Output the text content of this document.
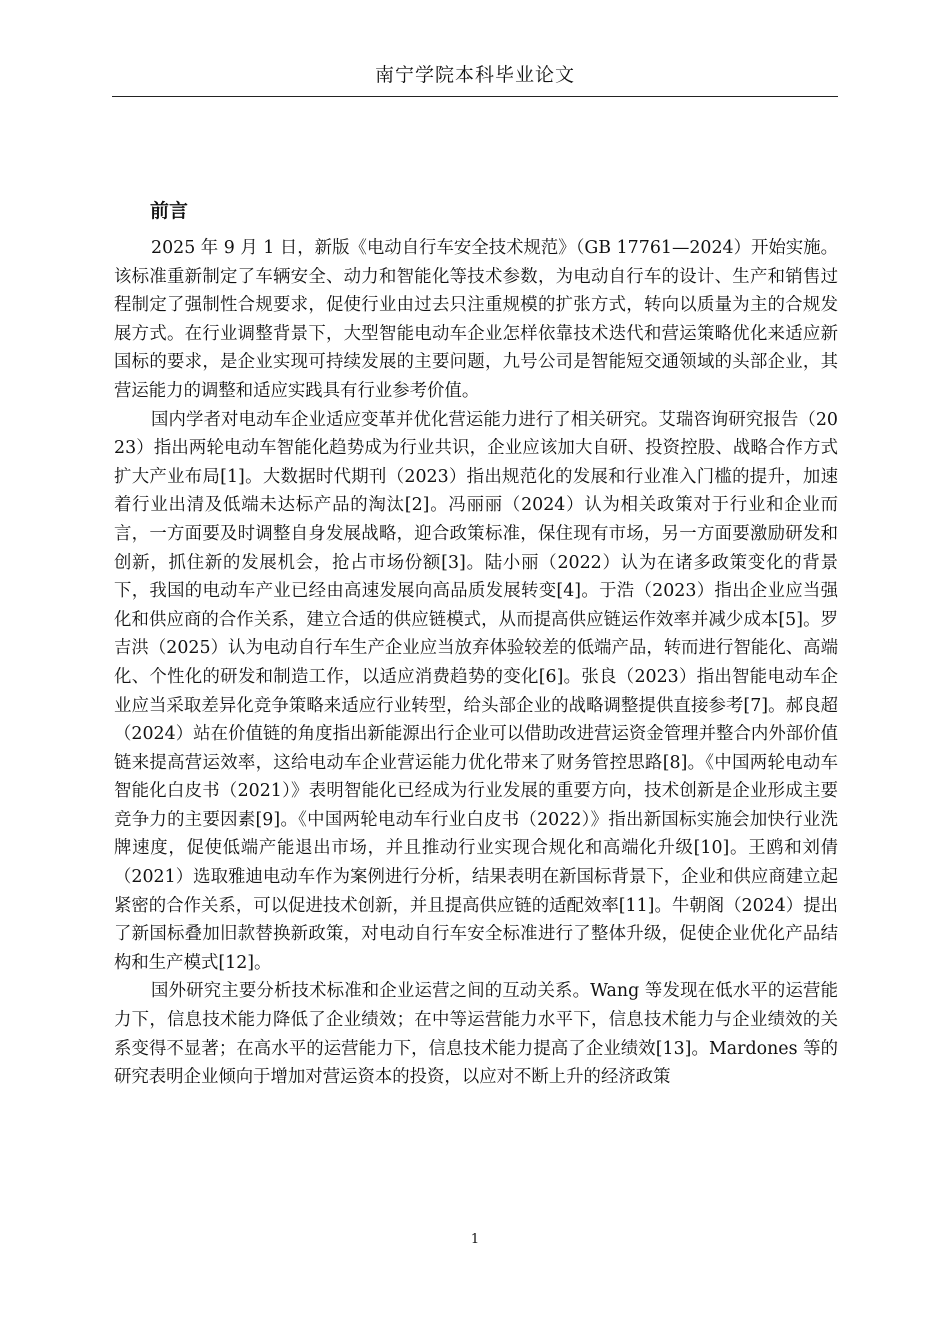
南宁学院本科毕业论文
前言

2025 年 9 月 1 日，新版《电动自行车安全技术规范》（GB 17761—2024）开始实施。该标准重新制定了车辆安全、动力和智能化等技术参数，为电动自行车的设计、生产和销售过程制定了强制性合规要求，促使行业由过去只注重规模的扩张方式，转向以质量为主的合规发展方式。在行业调整背景下，大型智能电动车企业怎样依靠技术迭代和营运策略优化来适应新国标的要求，是企业实现可持续发展的主要问题，九号公司是智能短交通领域的头部企业，其营运能力的调整和适应实践具有行业参考价值。

国内学者对电动车企业适应变革并优化营运能力进行了相关研究。艾瑞咨询研究报告（2023）指出两轮电动车智能化趋势成为行业共识，企业应该加大自研、投资控股、战略合作方式扩大产业布局[1]。大数据时代期刊（2023）指出规范化的发展和行业准入门槛的提升，加速着行业出清及低端未达标产品的淘汰[2]。冯丽丽（2024）认为相关政策对于行业和企业而言，一方面要及时调整自身发展战略，迎合政策标准，保住现有市场，另一方面要激励研发和创新，抓住新的发展机会，抢占市场份额[3]。陆小丽（2022）认为在诸多政策变化的背景下，我国的电动车产业已经由高速发展向高品质发展转变[4]。于浩（2023）指出企业应当强化和供应商的合作关系，建立合适的供应链模式，从而提高供应链运作效率并减少成本[5]。罗吉洪（2025）认为电动自行车生产企业应当放弃体验较差的低端产品，转而进行智能化、高端化、个性化的研发和制造工作，以适应消费趋势的变化[6]。张良（2023）指出智能电动车企业应当采取差异化竞争策略来适应行业转型，给头部企业的战略调整提供直接参考[7]。郝良超（2024）站在价值链的角度指出新能源出行企业可以借助改进营运资金管理并整合内外部价值链来提高营运效率，这给电动车企业营运能力优化带来了财务管控思路[8]。《中国两轮电动车智能化白皮书（2021）》表明智能化已经成为行业发展的重要方向，技术创新是企业形成主要竞争力的主要因素[9]。《中国两轮电动车行业白皮书（2022）》指出新国标实施会加快行业洗牌速度，促使低端产能退出市场，并且推动行业实现合规化和高端化升级[10]。王鸥和刘倩（2021）选取雅迪电动车作为案例进行分析，结果表明在新国标背景下，企业和供应商建立起紧密的合作关系，可以促进技术创新，并且提高供应链的适配效率[11]。牛朝阁（2024）提出了新国标叠加旧款替换新政策，对电动自行车安全标准进行了整体升级，促使企业优化产品结构和生产模式[12]。

国外研究主要分析技术标准和企业运营之间的互动关系。Wang 等发现在低水平的运营能力下，信息技术能力降低了企业绩效；在中等运营能力水平下，信息技术能力与企业绩效的关系变得不显著；在高水平的运营能力下，信息技术能力提高了企业绩效[13]。Mardones 等的研究表明企业倾向于增加对营运资本的投资，以应对不断上升的经济政策

1
